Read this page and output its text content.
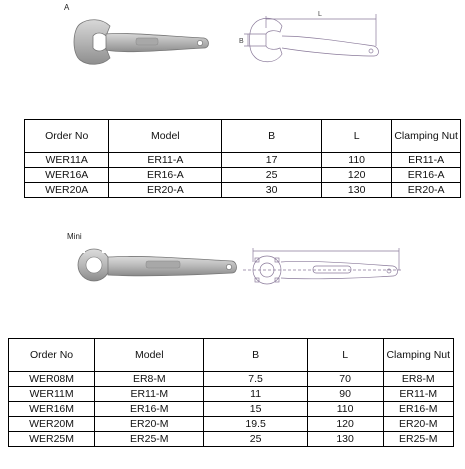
A
L
B
Order No	Model	B	L	Clamping Nut
WER11A	ER11-A	17	110	ER11-A
WER16A	ER16-A	25	120	ER16-A
WER20A	ER20-A	30	130	ER20-A
Mini
Order No	Model	B	L	Clamping Nut
WER08M	ER8-M	7.5	70	ER8-M
WER11M	ER11-M	11	90	ER11-M
WER16M	ER16-M	15	110	ER16-M
WER20M	ER20-M	19.5	120	ER20-M
WER25M	ER25-M	25	130	ER25-M
